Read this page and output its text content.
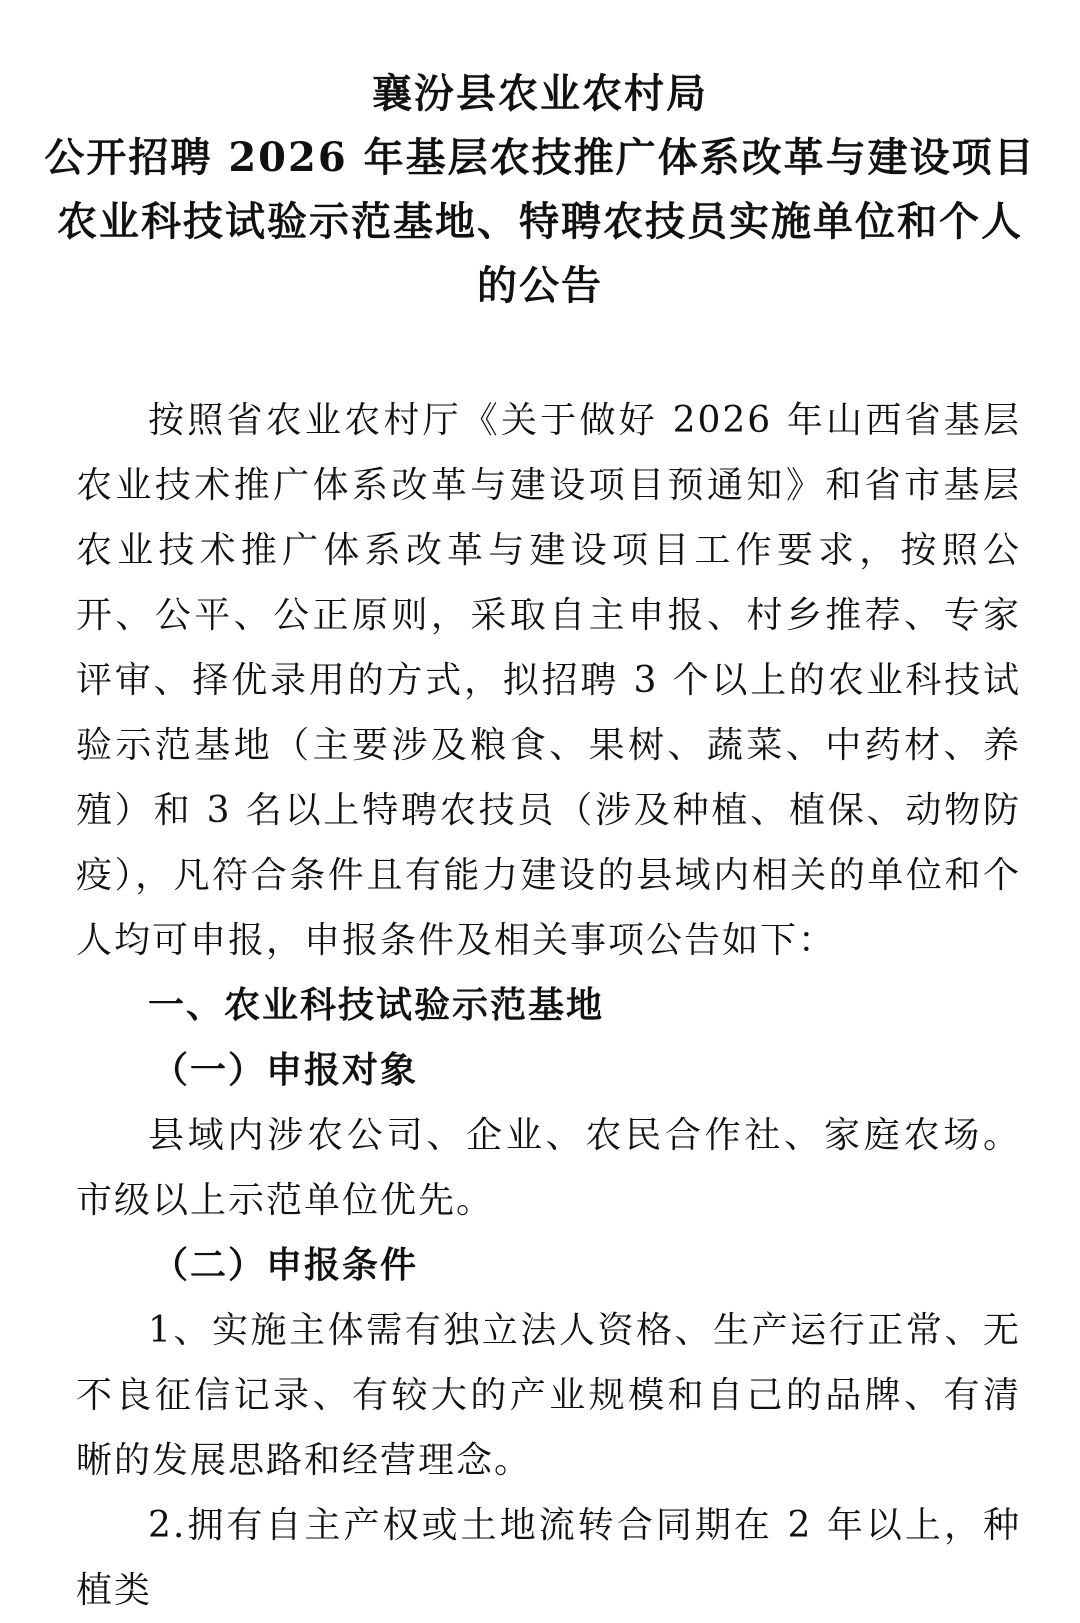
襄汾县农业农村局
公开招聘 2026 年基层农技推广体系改革与建设项目
农业科技试验示范基地、特聘农技员实施单位和个人
的公告

按照省农业农村厅《关于做好 2026 年山西省基层农业技术推广体系改革与建设项目预通知》和省市基层农业技术推广体系改革与建设项目工作要求，按照公开、公平、公正原则，采取自主申报、村乡推荐、专家评审、择优录用的方式，拟招聘 3 个以上的农业科技试验示范基地（主要涉及粮食、果树、蔬菜、中药材、养殖）和 3 名以上特聘农技员（涉及种植、植保、动物防疫），凡符合条件且有能力建设的县域内相关的单位和个人均可申报，申报条件及相关事项公告如下：

一、农业科技试验示范基地

（一）申报对象

县域内涉农公司、企业、农民合作社、家庭农场。市级以上示范单位优先。

（二）申报条件

1、实施主体需有独立法人资格、生产运行正常、无不良征信记录、有较大的产业规模和自己的品牌、有清晰的发展思路和经营理念。

2.拥有自主产权或土地流转合同期在 2 年以上，种植类
